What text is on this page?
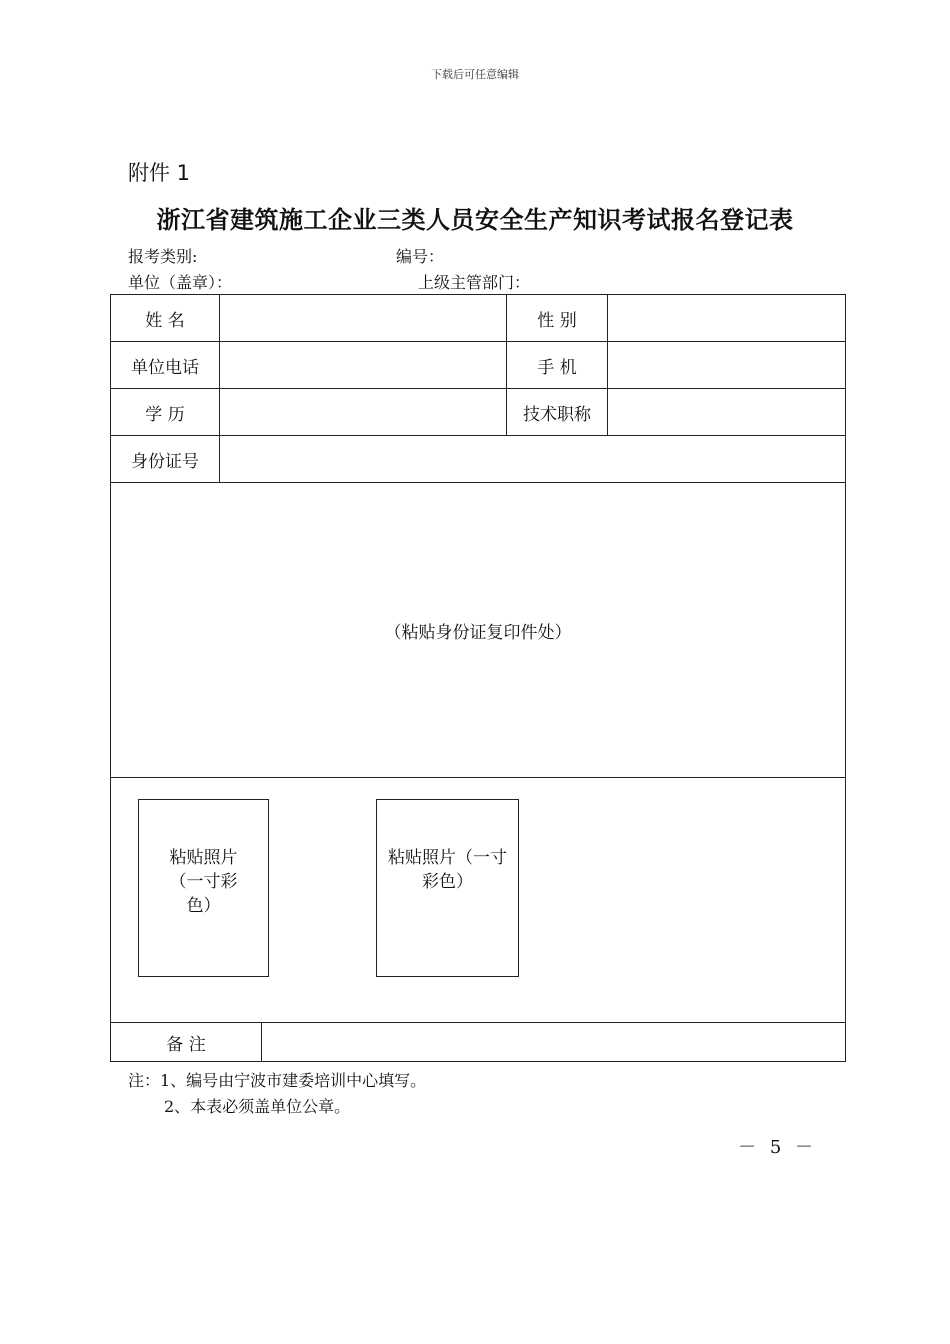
下载后可任意编辑
附件 1
浙江省建筑施工企业三类人员安全生产知识考试报名登记表
报考类别:	编号：
单位（盖章）：	上级主管部门：
姓 名			性 别	
单位电话			手 机	
学 历			技术职称	
身份证号				
（粘贴身份证复印件处）				

粘贴照片（一寸彩色）
粘贴照片（一寸彩色）				

备 注				
注：1、编号由宁波市建委培训中心填写。
2、本表必须盖单位公章。
－ 5 －
